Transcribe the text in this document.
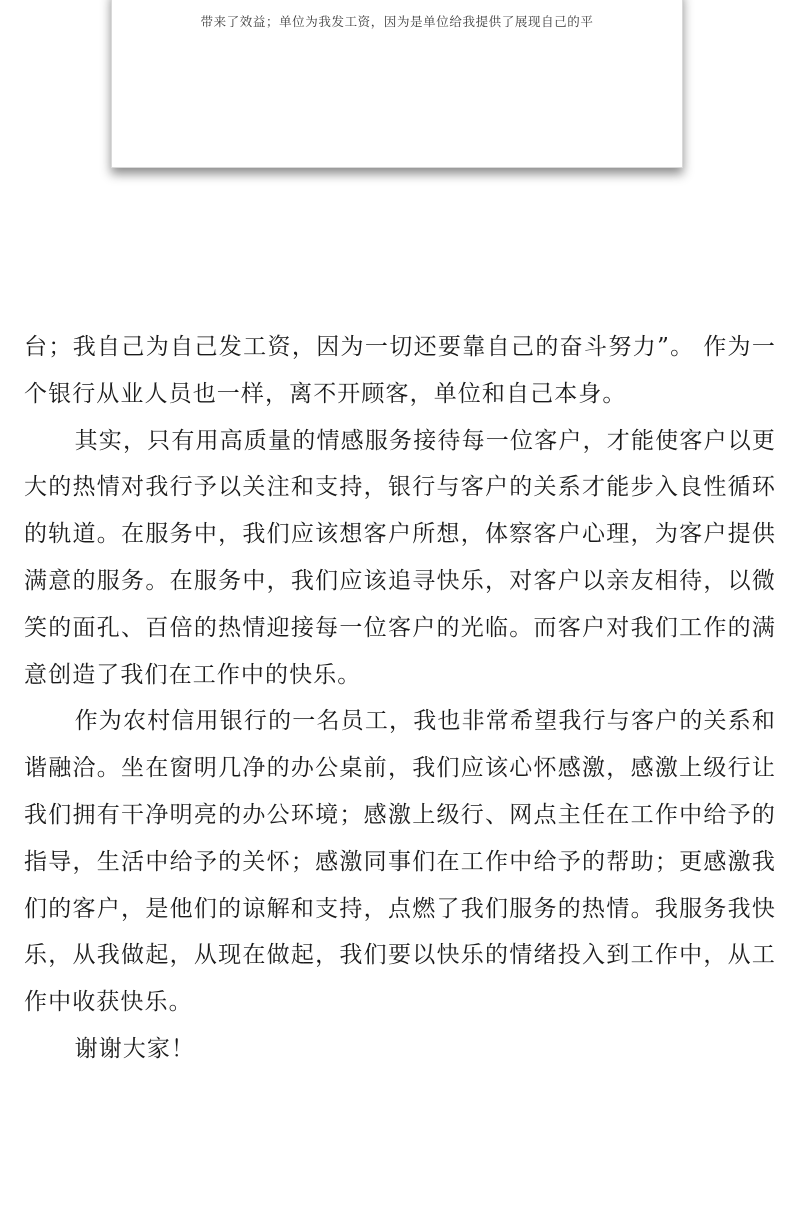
带来了效益；单位为我发工资，因为是单位给我提供了展现自己的平

台；我自己为自己发工资，因为一切还要靠自己的奋斗努力”。 作为一个银行从业人员也一样，离不开顾客，单位和自己本身。

其实，只有用高质量的情感服务接待每一位客户，才能使客户以更大的热情对我行予以关注和支持，银行与客户的关系才能步入良性循环的轨道。在服务中，我们应该想客户所想，体察客户心理，为客户提供满意的服务。在服务中，我们应该追寻快乐，对客户以亲友相待，以微笑的面孔、百倍的热情迎接每一位客户的光临。而客户对我们工作的满意创造了我们在工作中的快乐。

作为农村信用银行的一名员工，我也非常希望我行与客户的关系和谐融洽。坐在窗明几净的办公桌前，我们应该心怀感激，感激上级行让我们拥有干净明亮的办公环境；感激上级行、网点主任在工作中给予的指导，生活中给予的关怀；感激同事们在工作中给予的帮助；更感激我们的客户，是他们的谅解和支持，点燃了我们服务的热情。我服务我快乐，从我做起，从现在做起，我们要以快乐的情绪投入到工作中，从工作中收获快乐。

谢谢大家！
